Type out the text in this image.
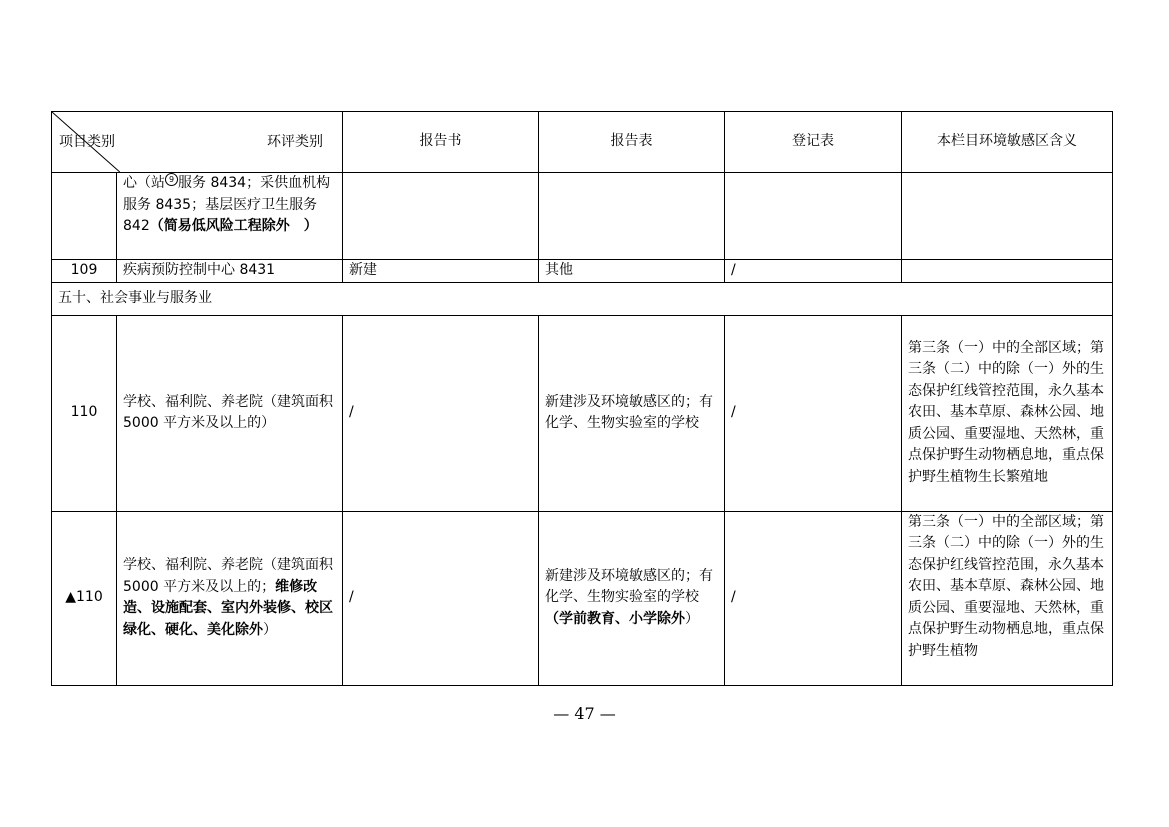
项目类别 环评类别		报告书	报告表	登记表	本栏目环境敏感区含义
	心（站 9 服务 8434；采供血机构服务 8435；基层医疗卫生服务 842（简易低风险工程除外　）				
109	疾病预防控制中心 8431	新建	其他	/	
五十、社会事业与服务业					
110	学校、福利院、养老院（建筑面积 5000 平方米及以上的）	/	新建涉及环境敏感区的；有化学、生物实验室的学校	/	第三条（一）中的全部区域；第三条（二）中的除（一）外的生态保护红线管控范围，永久基本农田、基本草原、森林公园、地质公园、重要湿地、天然林，重点保护野生动物栖息地，重点保护野生植物生长繁殖地
▲110	学校、福利院、养老院（建筑面积 5000 平方米及以上的；维修改造、设施配套、室内外装修、校区绿化、硬化、美化除外）	/	新建涉及环境敏感区的；有化学、生物实验室的学校（学前教育、小学除外）	/	第三条（一）中的全部区域；第三条（二）中的除（一）外的生态保护红线管控范围，永久基本农田、基本草原、森林公园、地质公园、重要湿地、天然林，重点保护野生动物栖息地，重点保护野生植物
— 47 —
